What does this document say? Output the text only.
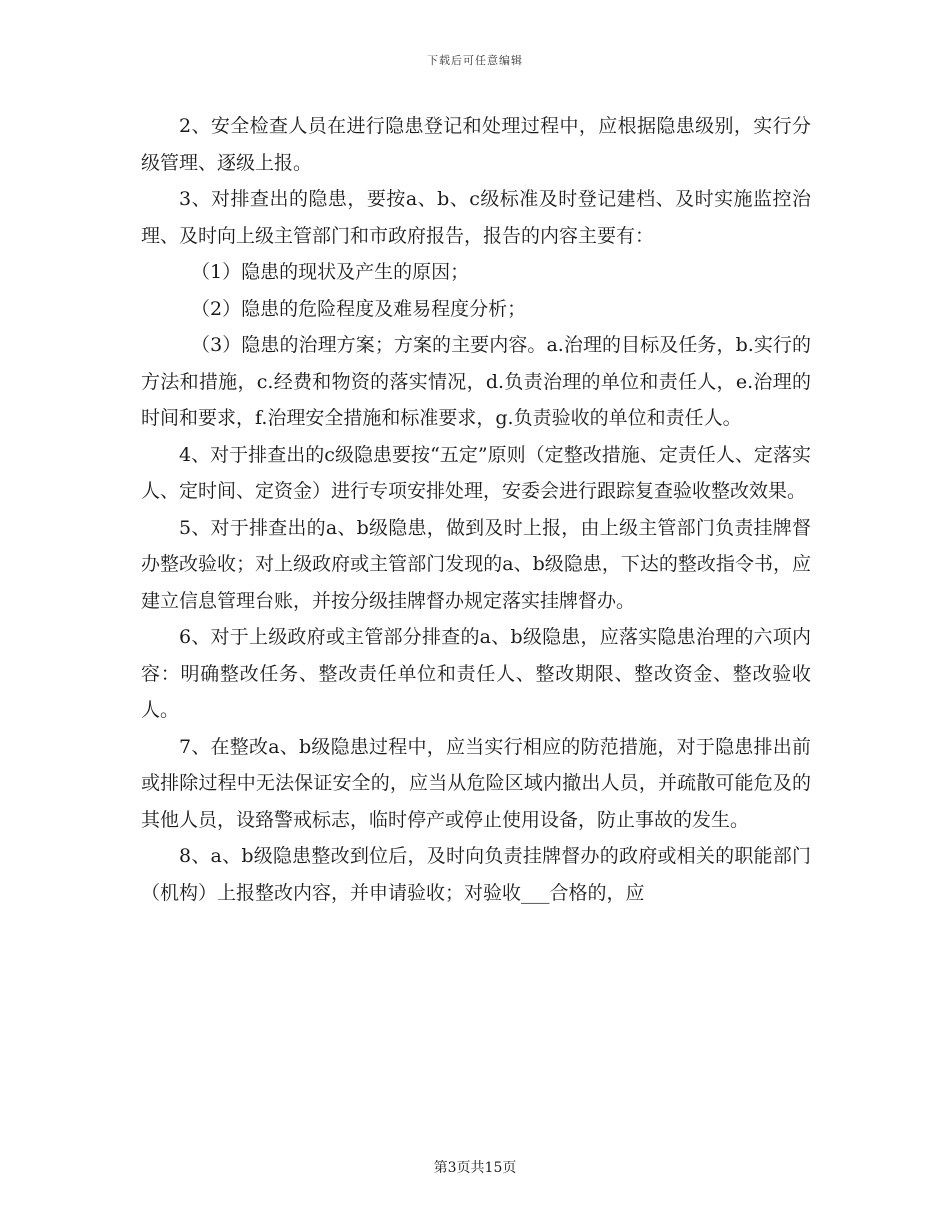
下载后可任意编辑

2、安全检查人员在进行隐患登记和处理过程中，应根据隐患级别，实行分级管理、逐级上报。

3、对排查出的隐患，要按a、b、c级标准及时登记建档、及时实施监控治理、及时向上级主管部门和市政府报告，报告的内容主要有：

（1）隐患的现状及产生的原因；

（2）隐患的危险程度及难易程度分析；

（3）隐患的治理方案；方案的主要内容。a.治理的目标及任务，b.实行的方法和措施，c.经费和物资的落实情况，d.负责治理的单位和责任人，e.治理的时间和要求，f.治理安全措施和标准要求，g.负责验收的单位和责任人。

4、对于排查出的c级隐患要按“五定”原则（定整改措施、定责任人、定落实人、定时间、定资金）进行专项安排处理，安委会进行跟踪复查验收整改效果。

5、对于排查出的a、b级隐患，做到及时上报，由上级主管部门负责挂牌督办整改验收；对上级政府或主管部门发现的a、b级隐患，下达的整改指令书，应建立信息管理台账，并按分级挂牌督办规定落实挂牌督办。

6、对于上级政府或主管部分排查的a、b级隐患，应落实隐患治理的六项内容：明确整改任务、整改责任单位和责任人、整改期限、整改资金、整改验收人。

7、在整改a、b级隐患过程中，应当实行相应的防范措施，对于隐患排出前或排除过程中无法保证安全的，应当从危险区域内撤出人员，并疏散可能危及的其他人员，设臵警戒标志，临时停产或停止使用设备，防止事故的发生。

8、a、b级隐患整改到位后，及时向负责挂牌督办的政府或相关的职能部门（机构）上报整改内容，并申请验收；对验收___合格的，应

第3页共15页
